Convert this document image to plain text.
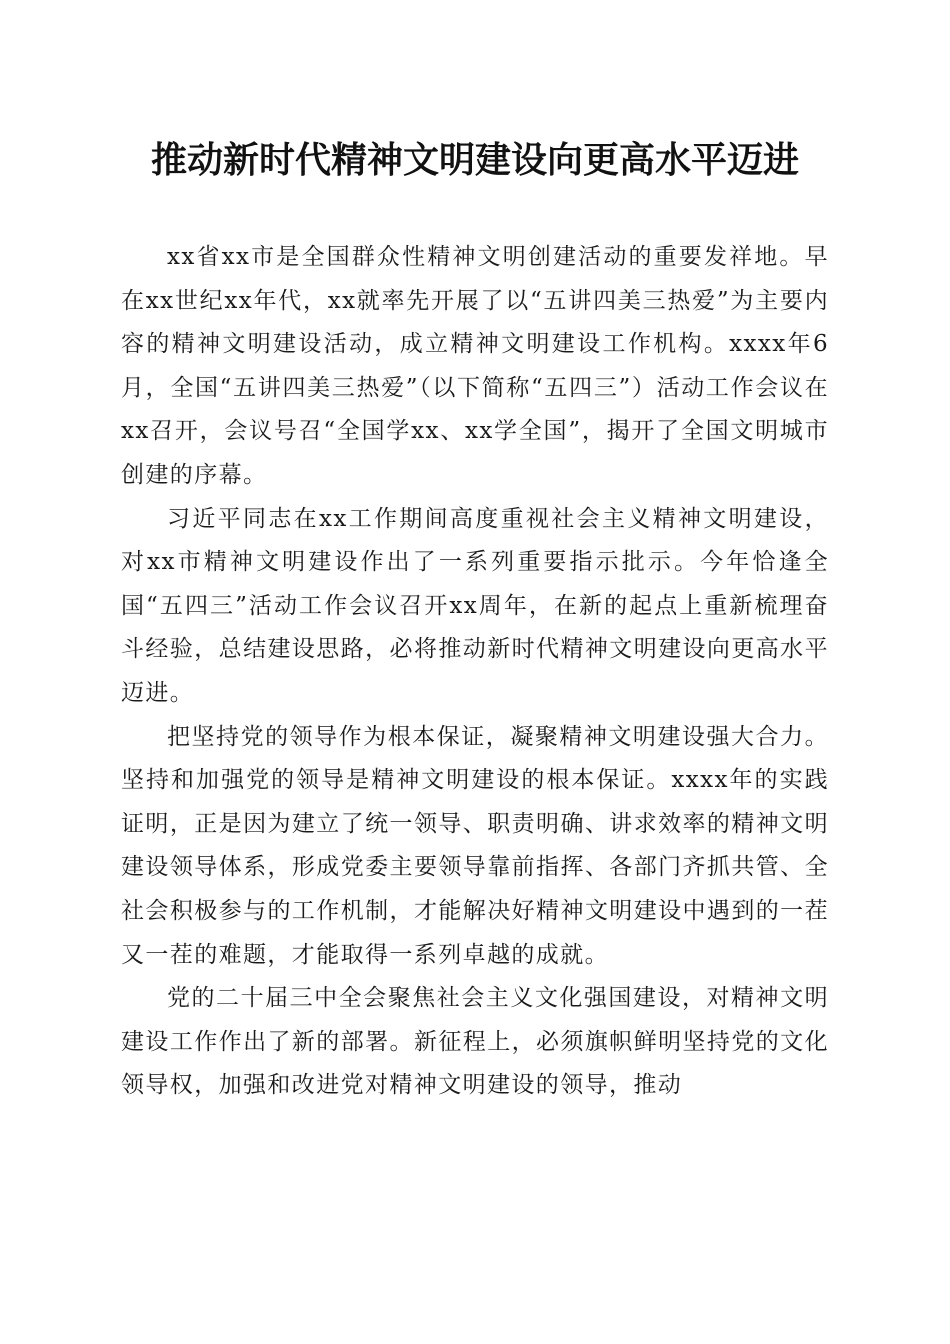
推动新时代精神文明建设向更高水平迈进

xx省xx市是全国群众性精神文明创建活动的重要发祥地。早在xx世纪xx年代，xx就率先开展了以“五讲四美三热爱”为主要内容的精神文明建设活动，成立精神文明建设工作机构。xxxx年6月，全国“五讲四美三热爱”（以下简称“五四三”）活动工作会议在xx召开，会议号召“全国学xx、xx学全国”，揭开了全国文明城市创建的序幕。

习近平同志在xx工作期间高度重视社会主义精神文明建设，对xx市精神文明建设作出了一系列重要指示批示。今年恰逢全国“五四三”活动工作会议召开xx周年，在新的起点上重新梳理奋斗经验，总结建设思路，必将推动新时代精神文明建设向更高水平迈进。

把坚持党的领导作为根本保证，凝聚精神文明建设强大合力。坚持和加强党的领导是精神文明建设的根本保证。xxxx年的实践证明，正是因为建立了统一领导、职责明确、讲求效率的精神文明建设领导体系，形成党委主要领导靠前指挥、各部门齐抓共管、全社会积极参与的工作机制，才能解决好精神文明建设中遇到的一茬又一茬的难题，才能取得一系列卓越的成就。

党的二十届三中全会聚焦社会主义文化强国建设，对精神文明建设工作作出了新的部署。新征程上，必须旗帜鲜明坚持党的文化领导权，加强和改进党对精神文明建设的领导，推动
